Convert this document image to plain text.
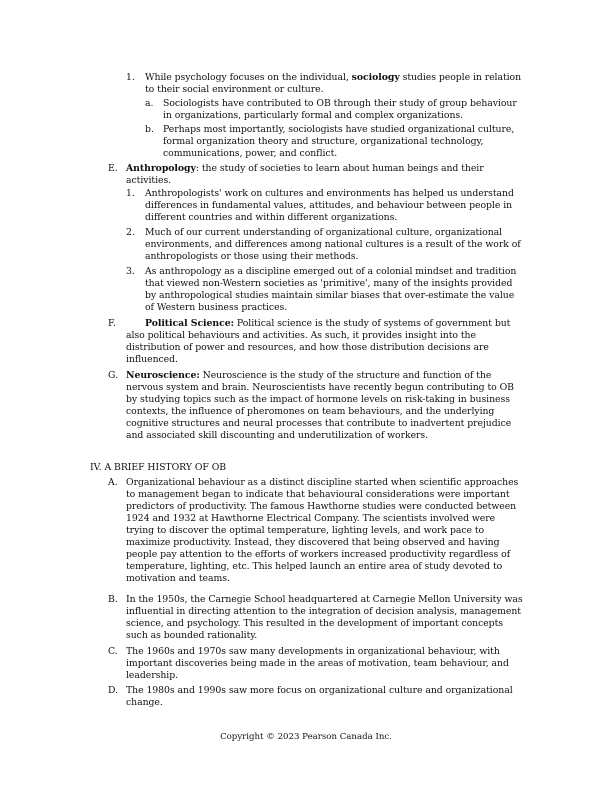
1. While psychology focuses on the individual, sociology studies people in relation
to their social environment or culture.
a. Sociologists have contributed to OB through their study of group behaviour
in organizations, particularly formal and complex organizations.
b. Perhaps most importantly, sociologists have studied organizational culture,
formal organization theory and structure, organizational technology,
communications, power, and conflict.
E. Anthropology: the study of societies to learn about human beings and their
activities.
1. Anthropologists' work on cultures and environments has helped us understand
differences in fundamental values, attitudes, and behaviour between people in
different countries and within different organizations.
2. Much of our current understanding of organizational culture, organizational
environments, and differences among national cultures is a result of the work of
anthropologists or those using their methods.
3. As anthropology as a discipline emerged out of a colonial mindset and tradition
that viewed non-Western societies as 'primitive', many of the insights provided
by anthropological studies maintain similar biases that over-estimate the value
of Western business practices.
F.	Political Science: Political science is the study of systems of government but
also political behaviours and activities. As such, it provides insight into the
distribution of power and resources, and how those distribution decisions are
influenced.
G. Neuroscience: Neuroscience is the study of the structure and function of the
nervous system and brain. Neuroscientists have recently begun contributing to OB
by studying topics such as the impact of hormone levels on risk-taking in business
contexts, the influence of pheromones on team behaviours, and the underlying
cognitive structures and neural processes that contribute to inadvertent prejudice
and associated skill discounting and underutilization of workers.
IV. A BRIEF HISTORY OF OB
A. Organizational behaviour as a distinct discipline started when scientific approaches
to management began to indicate that behavioural considerations were important
predictors of productivity. The famous Hawthorne studies were conducted between
1924 and 1932 at Hawthorne Electrical Company. The scientists involved were
trying to discover the optimal temperature, lighting levels, and work pace to
maximize productivity. Instead, they discovered that being observed and having
people pay attention to the efforts of workers increased productivity regardless of
temperature, lighting, etc. This helped launch an entire area of study devoted to
motivation and teams.
B. In the 1950s, the Carnegie School headquartered at Carnegie Mellon University was
influential in directing attention to the integration of decision analysis, management
science, and psychology. This resulted in the development of important concepts
such as bounded rationality.
C. The 1960s and 1970s saw many developments in organizational behaviour, with
important discoveries being made in the areas of motivation, team behaviour, and
leadership.
D. The 1980s and 1990s saw more focus on organizational culture and organizational
change.
Copyright © 2023 Pearson Canada Inc.
